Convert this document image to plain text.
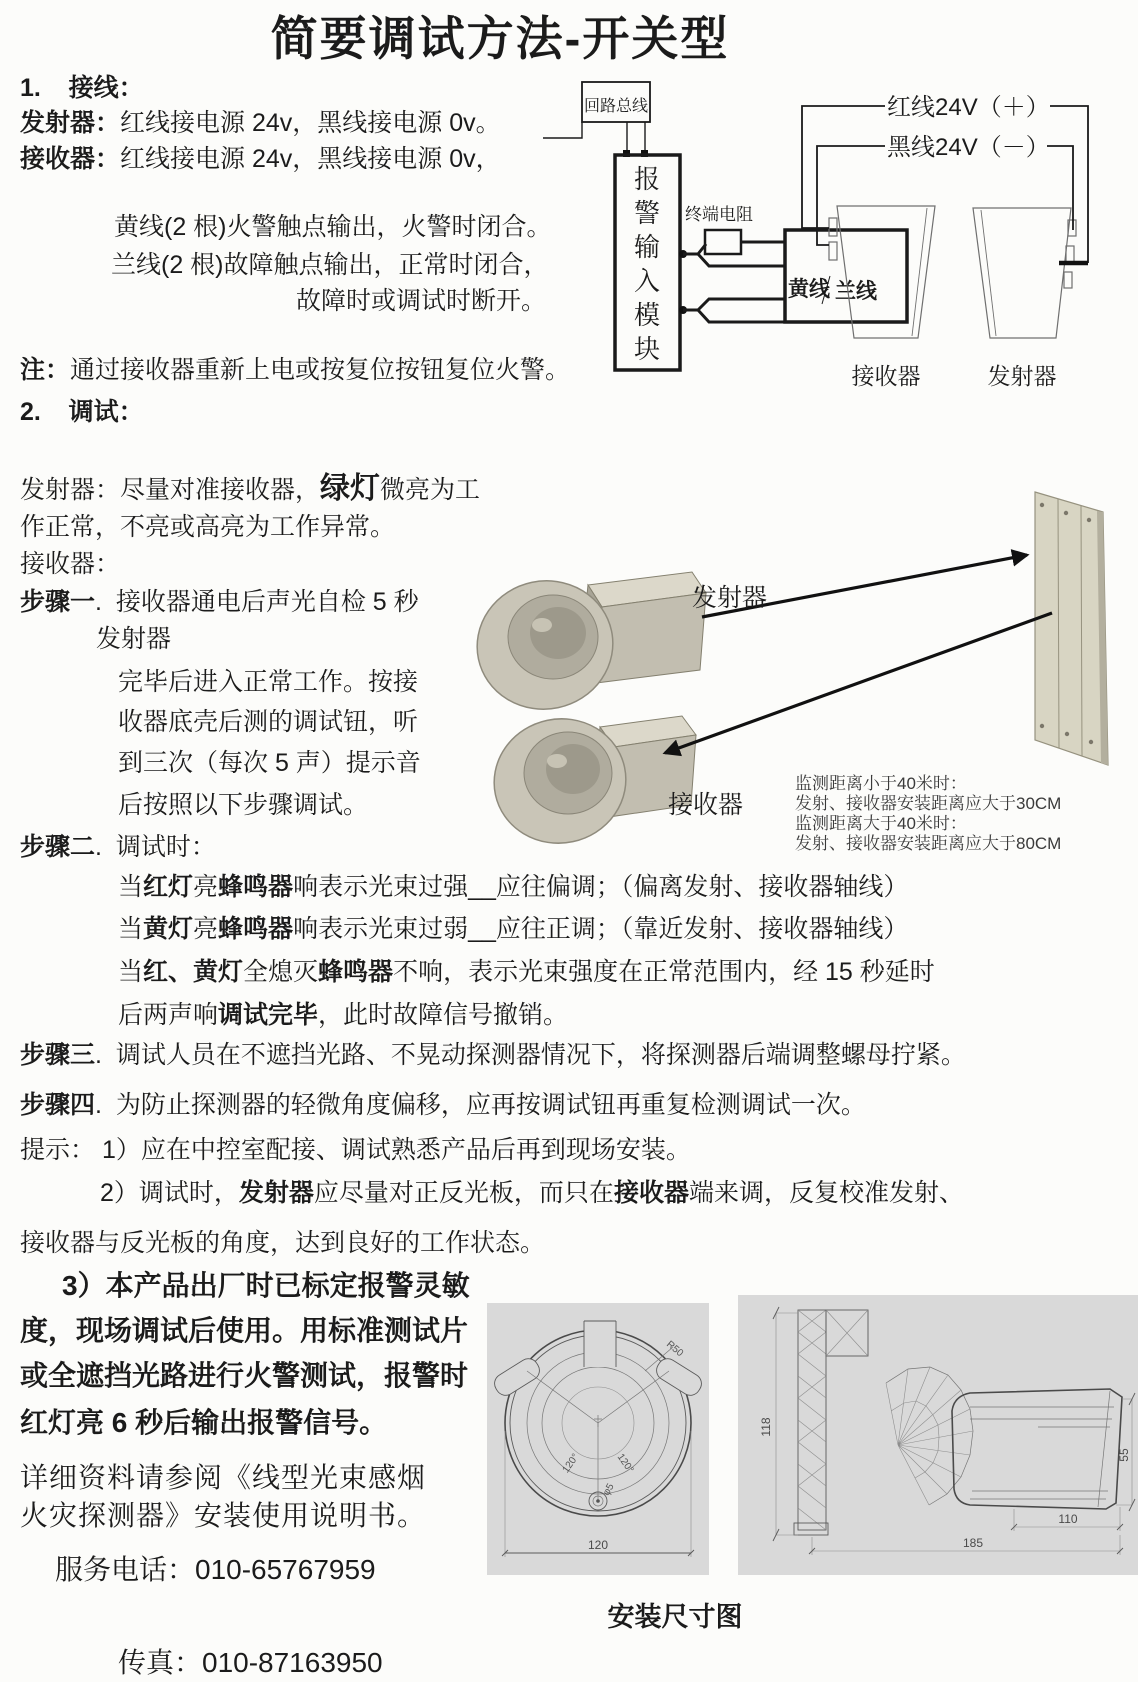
简要调试方法-开关型
1.    接线：
发射器：红线接电源 24v，黑线接电源 0v。
接收器：红线接电源 24v，黑线接电源 0v，
黄线(2 根)火警触点输出，火警时闭合。
兰线(2 根)故障触点输出，正常时闭合，
故障时或调试时断开。
注：通过接收器重新上电或按复位按钮复位火警。
2.    调试：
回路总线
报
警
输
入
模
块
终端电阻
黄线 兰线
红线24V（＋）
黑线24V（－）
接收器	发射器
发射器：尽量对准接收器，绿灯微亮为工
作正常，不亮或高亮为工作异常。
接收器：
步骤一.  接收器通电后声光自检 5 秒
发射器
完毕后进入正常工作。按接
收器底壳后测的调试钮，听
到三次（每次 5 声）提示音
后按照以下步骤调试。
步骤二.  调试时：
当红灯亮蜂鸣器响表示光束过强__应往偏调；（偏离发射、接收器轴线）
当黄灯亮蜂鸣器响表示光束过弱__应往正调；（靠近发射、接收器轴线）
当红、黄灯全熄灭蜂鸣器不响，表示光束强度在正常范围内，经 15 秒延时
后两声响调试完毕，此时故障信号撤销。
步骤三.  调试人员在不遮挡光路、不晃动探测器情况下，将探测器后端调整螺母拧紧。
步骤四.  为防止探测器的轻微角度偏移，应再按调试钮再重复检测调试一次。
提示： 1）应在中控室配接、调试熟悉产品后再到现场安装。
2）调试时，发射器应尽量对正反光板，而只在接收器端来调，反复校准发射、
接收器与反光板的角度，达到良好的工作状态。
3）本产品出厂时已标定报警灵敏
度，现场调试后使用。用标准测试片
或全遮挡光路进行火警测试，报警时
红灯亮 6 秒后输出报警信号。
发射器
接收器
监测距离小于40米时：
发射、接收器安装距离应大于30CM
监测距离大于40米时：
发射、接收器安装距离应大于80CM
详细资料请参阅《线型光束感烟
火灾探测器》安装使用说明书。
服务电话：010-65767959
传真：010-87163950
安装尺寸图
120°	120°
φ5
R50
120
118
55
110
185
